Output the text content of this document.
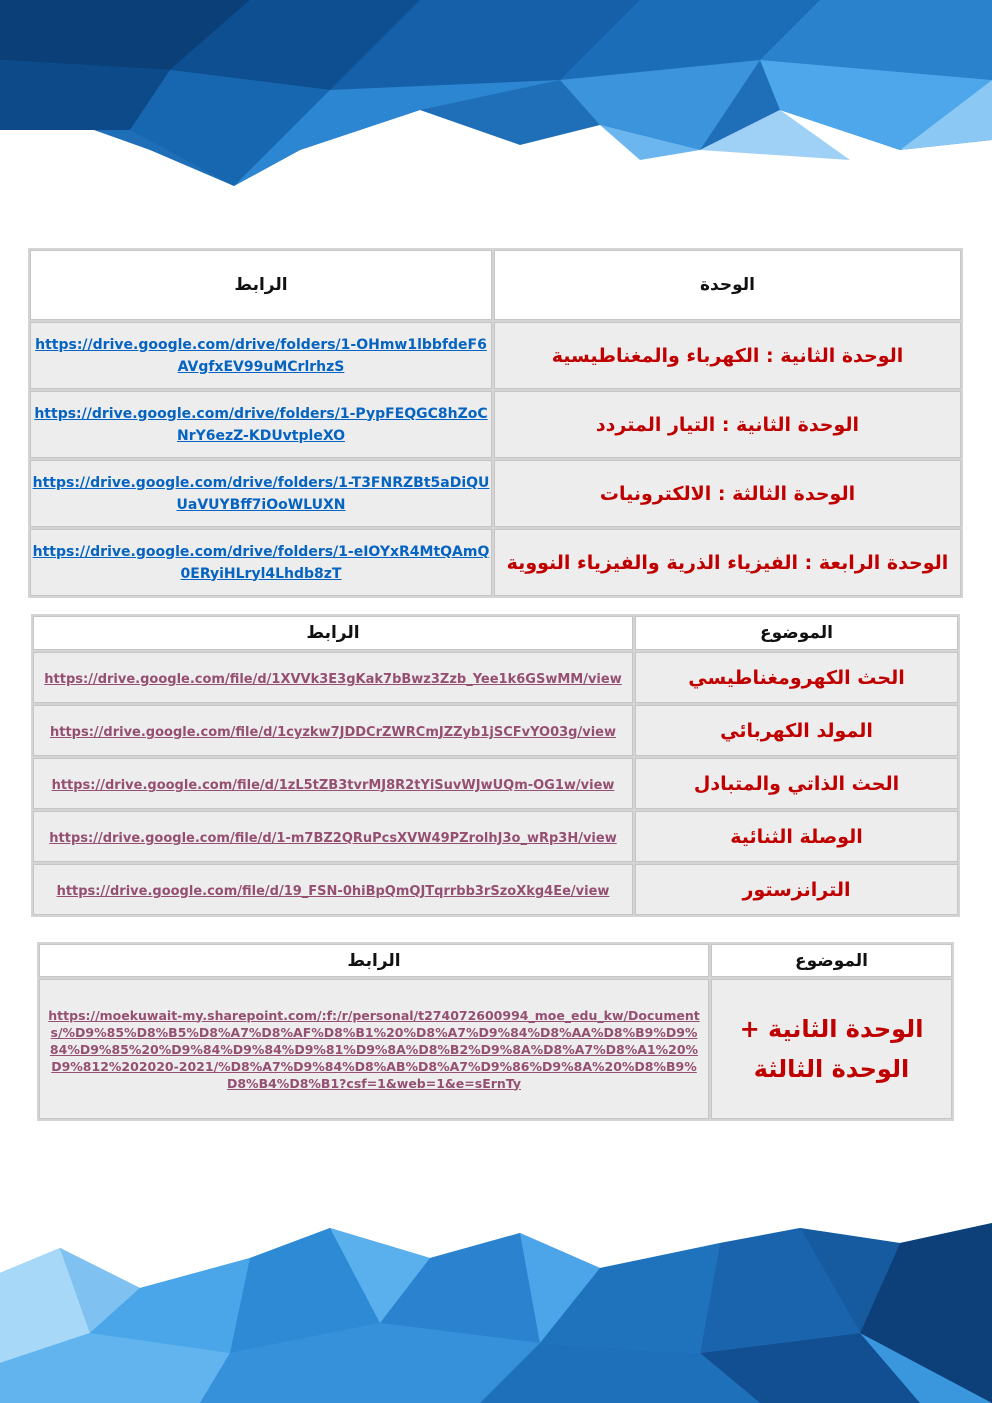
الرابط	الوحدة

https://drive.google.com/drive/folders/1-OHmw1lbbfdeF6AVgfxEV99uMCrlrhzS	الوحدة الثانية : الكهرباء والمغناطيسية

https://drive.google.com/drive/folders/1-PypFEQGC8hZoCNrY6ezZ-KDUvtpleXO	الوحدة الثانية : التيار المتردد

https://drive.google.com/drive/folders/1-T3FNRZBt5aDiQUUaVUYBff7iOoWLUXN	الوحدة الثالثة : الالكترونيات

https://drive.google.com/drive/folders/1-eIOYxR4MtQAmQ0ERyiHLryl4Lhdb8zT	الوحدة الرابعة : الفيزياء الذرية والفيزياء النووية
الرابط	الموضوع
https://drive.google.com/file/d/1XVVk3E3gKak7bBwz3Zzb_Yee1k6GSwMM/view	الحث الكهرومغناطيسي
https://drive.google.com/file/d/1cyzkw7JDDCrZWRCmJZZyb1jSCFvYO03g/view	المولد الكهربائي
https://drive.google.com/file/d/1zL5tZB3tvrMJ8R2tYiSuvWJwUQm-OG1w/view	الحث الذاتي والمتبادل
https://drive.google.com/file/d/1-m7BZ2QRuPcsXVW49PZrolhJ3o_wRp3H/view	الوصلة الثنائية
https://drive.google.com/file/d/19_FSN-0hiBpQmQJTqrrbb3rSzoXkg4Ee/view	الترانزستور
الرابط	الموضوع

https://moekuwait-my.sharepoint.com/:f:/r/personal/t274072600994_moe_edu_kw/Documents/%D9%85%D8%B5%D8%A7%D8%AF%D8%B1%20%D8%A7%D9%84%D8%AA%D8%B9%D9%84%D9%85%20%D9%84%D9%84%D9%81%D9%8A%D8%B2%D9%8A%D8%A7%D8%A1%20%D9%812%202020-2021/%D8%A7%D9%84%D8%AB%D8%A7%D9%86%D9%8A%20%D8%B9%D8%B4%D8%B1?csf=1&web=1&e=sErnTy	الوحدة الثانية +
الوحدة الثالثة
